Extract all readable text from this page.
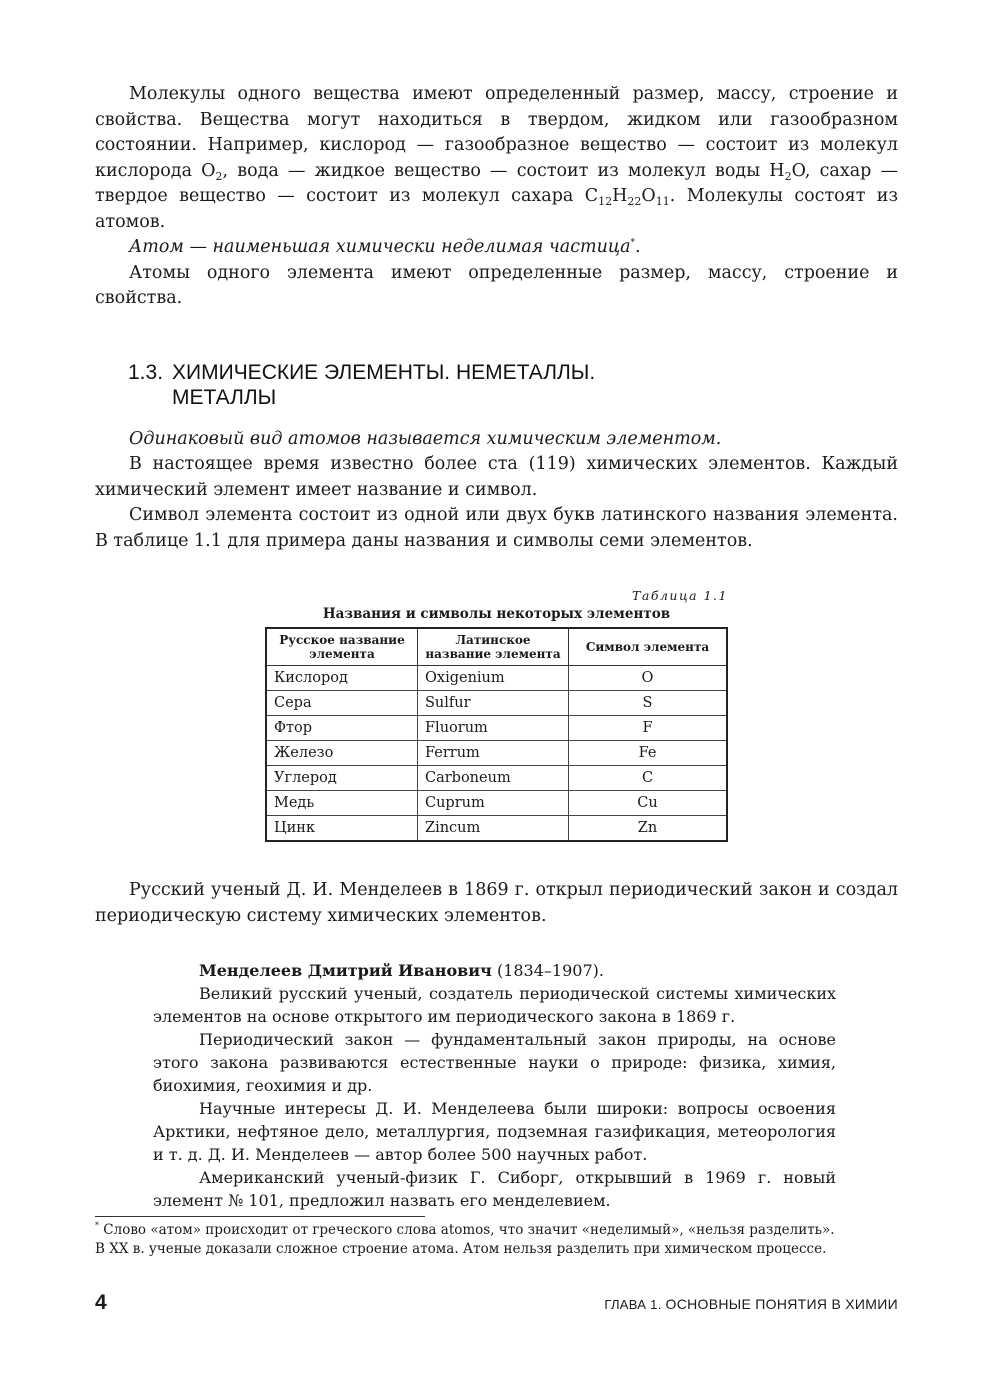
Молекулы одного вещества имеют определенный размер, массу, строение и свойства. Вещества могут находиться в твердом, жидком или газообразном состоянии. Например, кислород — газообразное вещество — состоит из молекул кислорода $O_2$, вода — жидкое вещество — состоит из молекул воды $H_2O$, сахар — твердое вещество — состоит из молекул сахара $C_{12}H_{22}O_{11}$. Молекулы состоят из атомов.

Атом — наименьшая химически неделимая частица*.

Атомы одного элемента имеют определенные размер, массу, строение и свойства.

1.3. ХИМИЧЕСКИЕ ЭЛЕМЕНТЫ. НЕМЕТАЛЛЫ.
МЕТАЛЛЫ

Одинаковый вид атомов называется химическим элементом.

В настоящее время известно более ста (119) химических элементов. Каждый химический элемент имеет название и символ.

Символ элемента состоит из одной или двух букв латинского названия элемента. В таблице 1.1 для примера даны названия и символы семи элементов.

Таблица 1.1
Названия и символы некоторых элементов
Русское название элемента	Латинское название элемента	Символ элемента
Кислород	Oxigenium	O
Сера	Sulfur	S
Фтор	Fluorum	F
Железо	Ferrum	Fe
Углерод	Carboneum	C
Медь	Cuprum	Cu
Цинк	Zincum	Zn

Русский ученый Д. И. Менделеев в 1869 г. открыл периодический закон и создал периодическую систему химических элементов.

Менделеев Дмитрий Иванович (1834–1907).

Великий русский ученый, создатель периодической системы химических элементов на основе открытого им периодического закона в 1869 г.

Периодический закон — фундаментальный закон природы, на основе этого закона развиваются естественные науки о природе: физика, химия, биохимия, геохимия и др.

Научные интересы Д. И. Менделеева были широки: вопросы освоения Арктики, нефтяное дело, металлургия, подземная газификация, метеорология и т. д. Д. И. Менделеев — автор более 500 научных работ.

Американский ученый-физик Г. Сиборг, открывший в 1969 г. новый элемент № 101, предложил назвать его менделевием.

* Слово «атом» происходит от греческого слова atomos, что значит «неделимый», «нельзя разделить».
В XX в. ученые доказали сложное строение атома. Атом нельзя разделить при химическом процессе.
4	ГЛАВА 1. ОСНОВНЫЕ ПОНЯТИЯ В ХИМИИ
